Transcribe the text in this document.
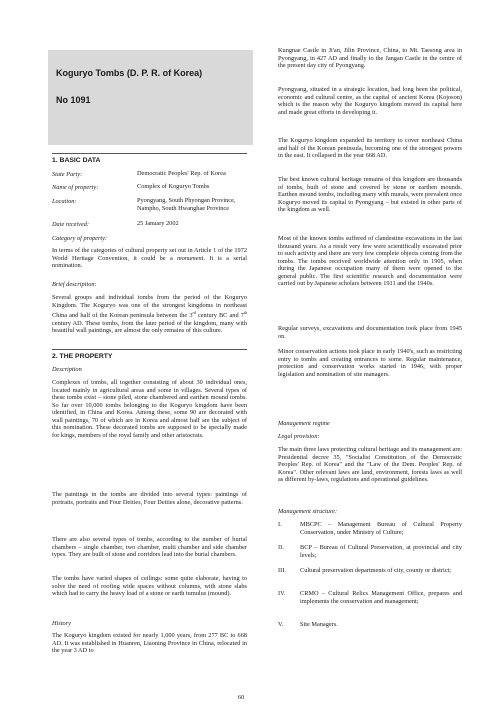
Koguryo Tombs (D. P. R. of Korea)
No 1091
1. BASIC DATA
State Party:	Democratic Peoples' Rep. of Korea
Name of property:	Complex of Koguryo Tombs
Location:	Pyongyang, South Phyongan Province,
Nampho, South Hwanghae Province
Date received:	25 January 2002
Category of property:

In terms of the categories of cultural property set out in Article 1 of the 1972 World Heritage Convention, it could be a monument. It is a serial nomination.

Brief description:

Several groups and individual tombs from the period of the Koguryo Kingdom. The Koguryo was one of the strongest kingdoms in northeast China and half of the Korean peninsula between the 3rd century BC and 7th century AD. These tombs, from the later period of the kingdom, many with beautiful wall paintings, are almost the only remains of this culture.

2. THE PROPERTY
Description

Complexes of tombs, all together consisting of about 30 individual ones, located mainly in agricultural areas and some in villages. Several types of these tombs exist – stone piled, stone chambered and earthen mound tombs. So far over 10,000 tombs belonging to the Koguryo kingdom have been identified, in China and Korea. Among these, some 90 are decorated with wall paintings, 70 of which are in Korea and almost half are the subject of this nomination. These decorated tombs are supposed to be specially made for kings, members of the royal family and other aristocrats.

The paintings in the tombs are divided into several types: paintings of portraits, portraits and Four Deities, Four Deities alone, decorative patterns.

There are also several types of tombs, according to the number of burial chambers – single chamber, two chamber, multi chamber and side chamber types. They are built of stone and corridors lead into the burial chambers.

The tombs have varied shapes of ceilings: some quite elaborate, having to solve the need of roofing wide spaces without columns, with stone slabs which had to carry the heavy load of a stone or earth tumulus (mound).

History

The Koguryo kingdom existed for nearly 1,000 years, from 277 BC to 668 AD. It was established in Huanren, Liaoning Province in China, relocated in the year 3 AD to

Kungnae Castle in Ji'an, Jilin Province, China, to Mt. Taesong area in Pyongyang, in 427 AD and finally to the Jangan Castle in the centre of the present day city of Pyongyang.

Pyongyang, situated in a strategic location, had long been the political, economic and cultural centre, as the capital of ancient Korea (Kojoson) which is the reason why the Koguryo kingdom moved its capital here and made great efforts in developing it.

The Koguryo kingdom expanded its territory to cover northeast China and half of the Korean peninsula, becoming one of the strongest powers in the east. It collapsed in the year 668 AD.

The best known cultural heritage remains of this kingdom are thousands of tombs, built of stone and covered by stone or earthen mounds. Earthen mound tombs, including many with murals, were prevalent once Koguryo moved its capital to Pyongyang – but existed in other parts of the kingdom as well.

Most of the known tombs suffered of clandestine excavations in the last thousand years. As a result very few were scientifically excavated prior to such activity and there are very few complete objects coming from the tombs. The tombs received worldwide attention only in 1905, when during the Japanese occupation many of them were opened to the general public. The first scientific research and documentation were carried out by Japanese scholars between 1911 and the 1940s.

Regular surveys, excavations and documentation took place from 1945 on.

Minor conservation actions took place in early 1940's, such as restricting entry to tombs and creating entrances to some. Regular maintenance, protection and conservation works started in 1946, with proper legislation and nomination of site managers.

Management regime
Legal provision:

The main three laws protecting cultural heritage and its management are: Presidential decree 35, "Socialist Constitution of the Democratic Peoples' Rep. of Korea" and the "Law of the Dem. Peoples' Rep. of Korea". Other relevant laws are land, environment, forests laws as well as different by-laws, regulations and operational guidelines.

Management structure:
I.	MBCPC – Management Bureau of Cultural Property Conservation, under Ministry of Culture;
II.	BCP – Bureau of Cultural Preservation, at provincial and city levels;
III. Cultural preservation departments of city, county or district;
IV. CRMO – Cultural Relics Management Office, prepares and implements the conservation and management;
V.	Site Managers.
60
